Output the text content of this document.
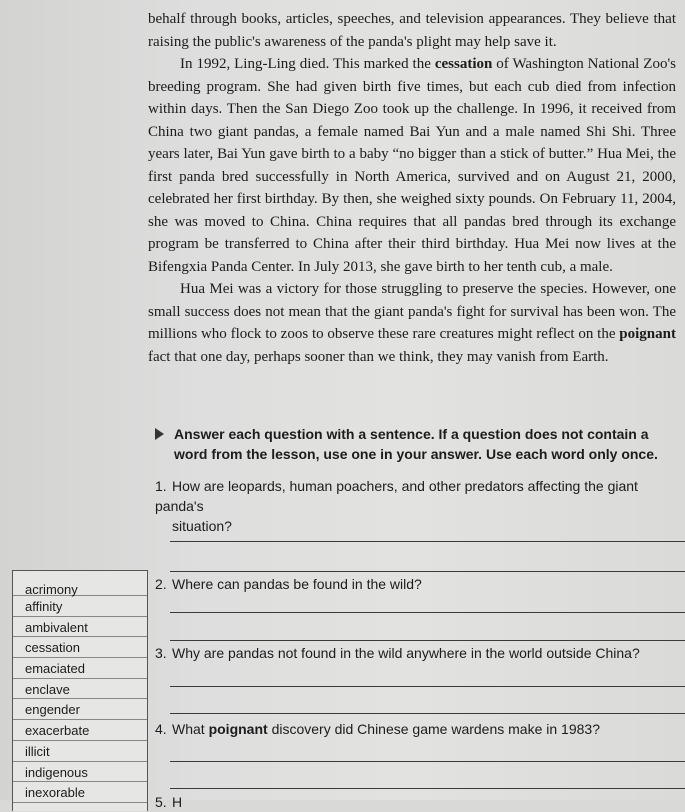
behalf through books, articles, speeches, and television appearances. They believe that raising the public's awareness of the panda's plight may help save it.

In 1992, Ling-Ling died. This marked the cessation of Washington National Zoo's breeding program. She had given birth five times, but each cub died from infection within days. Then the San Diego Zoo took up the challenge. In 1996, it received from China two giant pandas, a female named Bai Yun and a male named Shi Shi. Three years later, Bai Yun gave birth to a baby “no bigger than a stick of butter.” Hua Mei, the first panda bred successfully in North America, survived and on August 21, 2000, celebrated her first birthday. By then, she weighed sixty pounds. On February 11, 2004, she was moved to China. China requires that all pandas bred through its exchange program be transferred to China after their third birthday. Hua Mei now lives at the Bifengxia Panda Center. In July 2013, she gave birth to her tenth cub, a male.

Hua Mei was a victory for those struggling to preserve the species. However, one small success does not mean that the giant panda's fight for survival has been won. The millions who flock to zoos to observe these rare creatures might reflect on the poignant fact that one day, perhaps sooner than we think, they may vanish from Earth.

Answer each question with a sentence. If a question does not contain a word from the lesson, use one in your answer. Use each word only once.
1. How are leopards, human poachers, and other predators affecting the giant panda's
situation?
2. Where can pandas be found in the wild?
3. Why are pandas not found in the wild anywhere in the world outside China?
4. What poignant discovery did Chinese game wardens make in 1983?
5. H
acrimony
affinity
ambivalent
cessation
emaciated
enclave
engender
exacerbate
illicit
indigenous
inexorable
